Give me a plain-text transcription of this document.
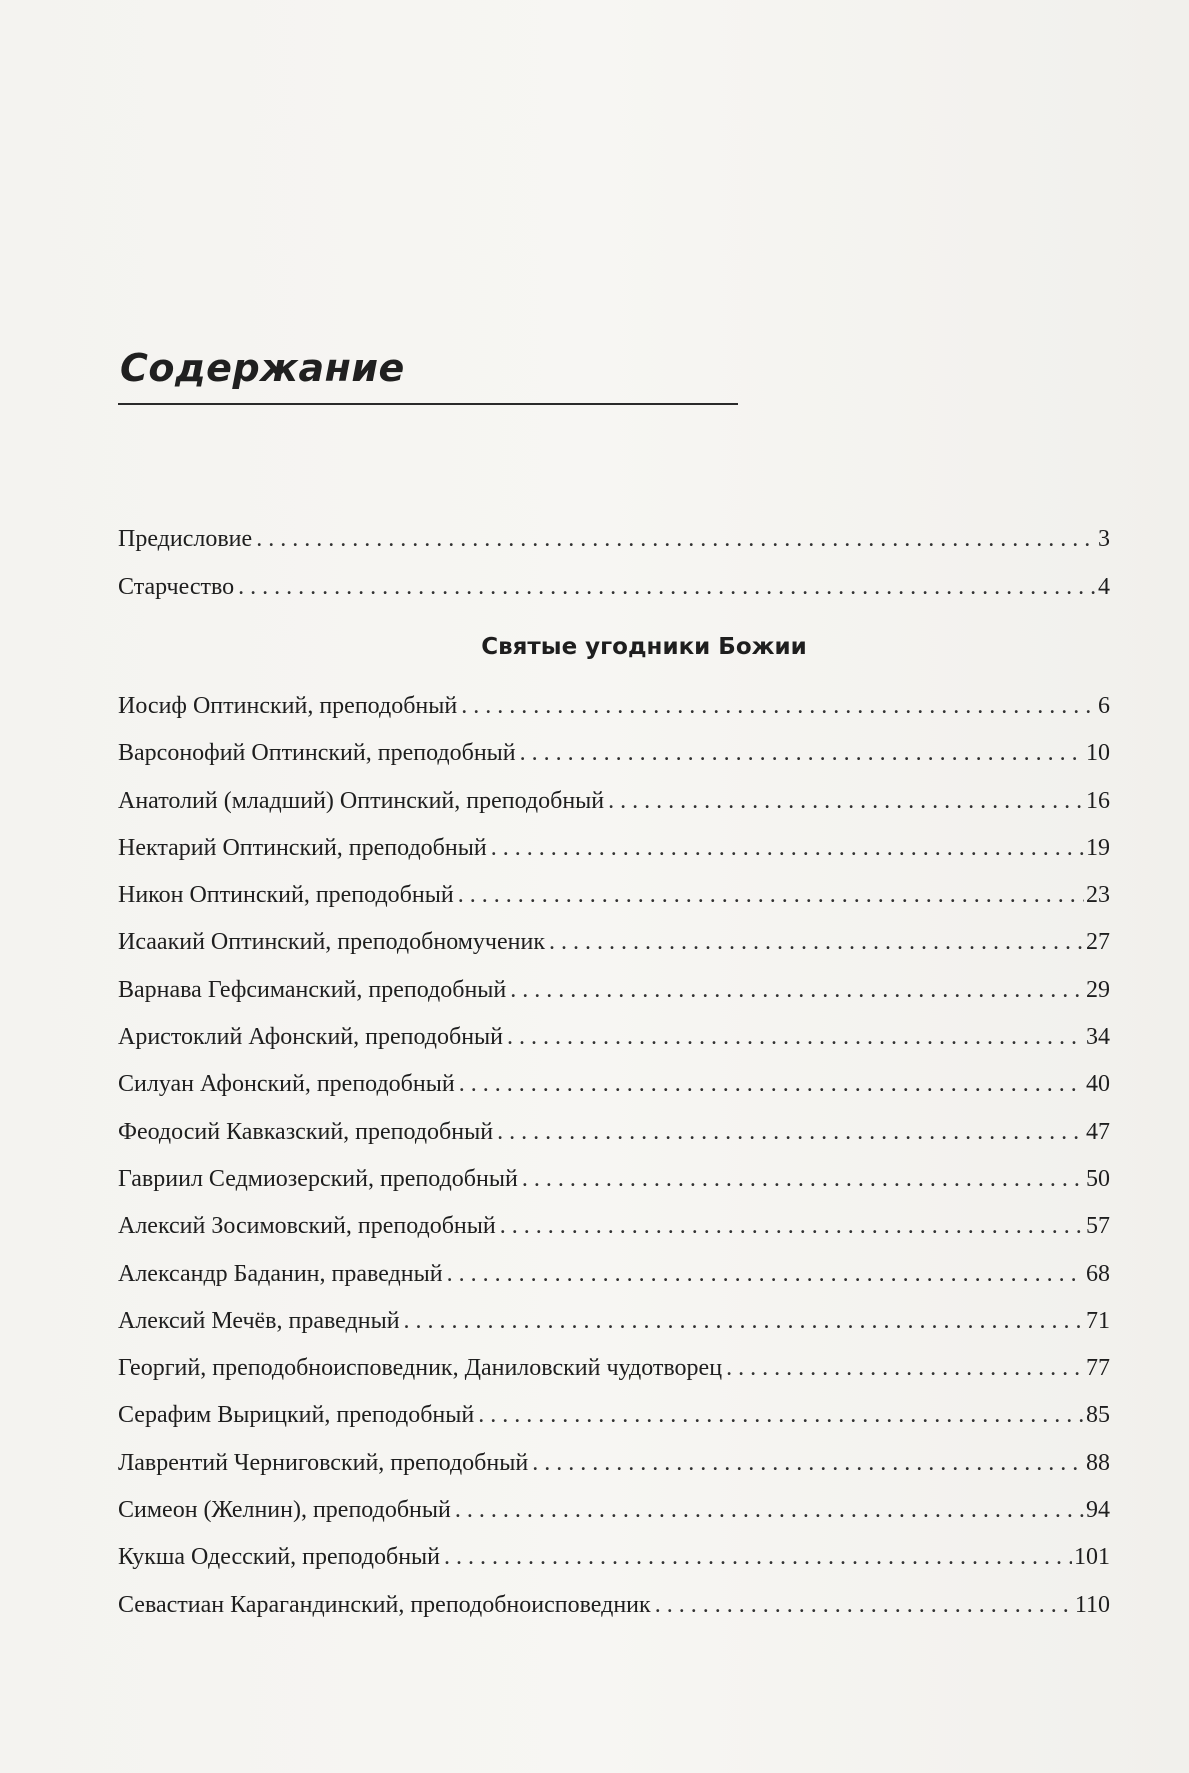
Содержание
Предисловие . . .	3
Старчество . . .	4
Святые угодники Божии
Иосиф Оптинский, преподобный . . .	6
Варсонофий Оптинский, преподобный . . .	10
Анатолий (младший) Оптинский, преподобный . . .	16
Нектарий Оптинский, преподобный . . .	19
Никон Оптинский, преподобный . . .	23
Исаакий Оптинский, преподобномученик . . .	27
Варнава Гефсиманский, преподобный . . .	29
Аристоклий Афонский, преподобный . . .	34
Силуан Афонский, преподобный . . .	40
Феодосий Кавказский, преподобный . . .	47
Гавриил Седмиозерский, преподобный . . .	50
Алексий Зосимовский, преподобный . . .	57
Александр Баданин, праведный . . .	68
Алексий Мечёв, праведный . . .	71
Георгий, преподобноисповедник, Даниловский чудотворец . . .	77
Серафим Вырицкий, преподобный . . .	85
Лаврентий Черниговский, преподобный . . .	88
Симеон (Желнин), преподобный . . .	94
Кукша Одесский, преподобный . . .	101
Севастиан Карагандинский, преподобноисповедник . . .	110
